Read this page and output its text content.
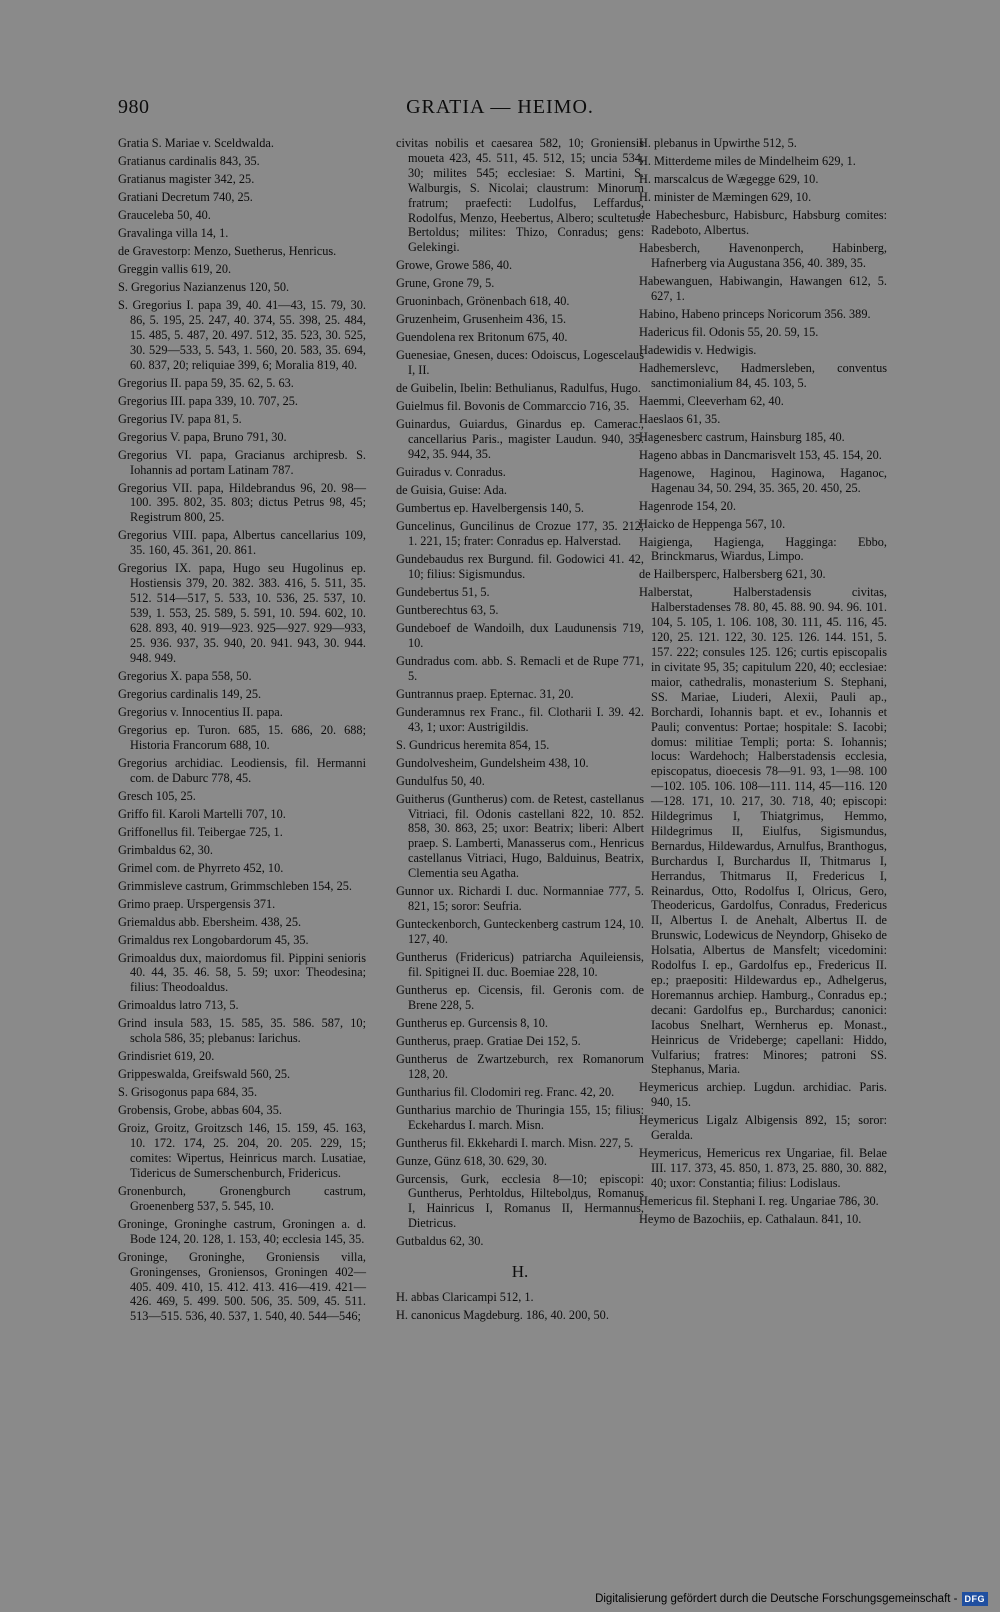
980	GRATIA — HEIMO.
Gratia S. Mariae v. Sceldwalda.
Gratianus cardinalis 843, 35.
Gratianus magister 342, 25.
Gratiani Decretum 740, 25.
Grauceleba 50, 40.
Gravalinga villa 14, 1.
de Gravestorp: Menzo, Suetherus, Henricus.
Greggin vallis 619, 20.
S. Gregorius Nazianzenus 120, 50.
S. Gregorius I. papa 39, 40. 41—43, 15. 79, 30. 86, 5. 195, 25. 247, 40. 374, 55. 398, 25. 484, 15. 485, 5. 487, 20. 497. 512, 35. 523, 30. 525, 30. 529—533, 5. 543, 1. 560, 20. 583, 35. 694, 60. 837, 20; reliquiae 399, 6; Moralia 819, 40.
Gregorius II. papa 59, 35. 62, 5. 63.
Gregorius III. papa 339, 10. 707, 25.
Gregorius IV. papa 81, 5.
Gregorius V. papa, Bruno 791, 30.
Gregorius VI. papa, Gracianus archipresb. S. Iohannis ad portam Latinam 787.
Gregorius VII. papa, Hildebrandus 96, 20. 98—100. 395. 802, 35. 803; dictus Petrus 98, 45; Registrum 800, 25.
Gregorius VIII. papa, Albertus cancellarius 109, 35. 160, 45. 361, 20. 861.
Gregorius IX. papa, Hugo seu Hugolinus ep. Hostiensis 379, 20. 382. 383. 416, 5. 511, 35. 512. 514—517, 5. 533, 10. 536, 25. 537, 10. 539, 1. 553, 25. 589, 5. 591, 10. 594. 602, 10. 628. 893, 40. 919—923. 925—927. 929—933, 25. 936. 937, 35. 940, 20. 941. 943, 30. 944. 948. 949.
Gregorius X. papa 558, 50.
Gregorius cardinalis 149, 25.
Gregorius v. Innocentius II. papa.
Gregorius ep. Turon. 685, 15. 686, 20. 688; Historia Francorum 688, 10.
Gregorius archidiac. Leodiensis, fil. Hermanni com. de Daburc 778, 45.
Gresch 105, 25.
Griffo fil. Karoli Martelli 707, 10.
Griffonellus fil. Teibergae 725, 1.
Grimbaldus 62, 30.
Grimel com. de Phyrreto 452, 10.
Grimmisleve castrum, Grimmschleben 154, 25.
Grimo praep. Urspergensis 371.
Griemaldus abb. Ebersheim. 438, 25.
Grimaldus rex Longobardorum 45, 35.
Grimoaldus dux, maiordomus fil. Pippini senioris 40. 44, 35. 46. 58, 5. 59; uxor: Theodesina; filius: Theodoaldus.
Grimoaldus latro 713, 5.
Grind insula 583, 15. 585, 35. 586. 587, 10; schola 586, 35; plebanus: Iarichus.
Grindisriet 619, 20.
Grippeswalda, Greifswald 560, 25.
S. Grisogonus papa 684, 35.
Grobensis, Grobe, abbas 604, 35.
Groiz, Groitz, Groitzsch 146, 15. 159, 45. 163, 10. 172. 174, 25. 204, 20. 205. 229, 15; comites: Wipertus, Heinricus march. Lusatiae, Tidericus de Sumerschenburch, Fridericus.
Gronenburch, Gronengburch castrum, Groenenberg 537, 5. 545, 10.
Groninge, Groninghe castrum, Groningen a. d. Bode 124, 20. 128, 1. 153, 40; ecclesia 145, 35.
Groninge, Groninghe, Groniensis villa, Groningenses, Groniensos, Groningen 402—405. 409. 410, 15. 412. 413. 416—419. 421—426. 469, 5. 499. 500. 506, 35. 509, 45. 511. 513—515. 536, 40. 537, 1. 540, 40. 544—546;
civitas nobilis et caesarea 582, 10; Groniensis moueta 423, 45. 511, 45. 512, 15; uncia 534, 30; milites 545; ecclesiae: S. Martini, S. Walburgis, S. Nicolai; claustrum: Minorum fratrum; praefecti: Ludolfus, Leffardus, Rodolfus, Menzo, Heebertus, Albero; scultetus: Bertoldus; milites: Thizo, Conradus; gens: Gelekingi.
Growe, Growe 586, 40.
Grune, Grone 79, 5.
Gruoninbach, Grönenbach 618, 40.
Gruzenheim, Grusenheim 436, 15.
Guendolena rex Britonum 675, 40.
Guenesiae, Gnesen, duces: Odoiscus, Logescelaus I, II.
de Guibelin, Ibelin: Bethulianus, Radulfus, Hugo.
Guielmus fil. Bovonis de Commarccio 716, 35.
Guinardus, Guiardus, Ginardus ep. Camerac., cancellarius Paris., magister Laudun. 940, 35. 942, 35. 944, 35.
Guiradus v. Conradus.
de Guisia, Guise: Ada.
Gumbertus ep. Havelbergensis 140, 5.
Guncelinus, Guncilinus de Crozue 177, 35. 212, 1. 221, 15; frater: Conradus ep. Halverstad.
Gundebaudus rex Burgund. fil. Godowici 41. 42, 10; filius: Sigismundus.
Gundebertus 51, 5.
Guntberechtus 63, 5.
Gundeboef de Wandoilh, dux Laudunensis 719, 10.
Gundradus com. abb. S. Remacli et de Rupe 771, 5.
Guntrannus praep. Epternac. 31, 20.
Gunderamnus rex Franc., fil. Clotharii I. 39. 42. 43, 1; uxor: Austrigildis.
S. Gundricus heremita 854, 15.
Gundolvesheim, Gundelsheim 438, 10.
Gundulfus 50, 40.
Guitherus (Guntherus) com. de Retest, castellanus Vitriaci, fil. Odonis castellani 822, 10. 852. 858, 30. 863, 25; uxor: Beatrix; liberi: Albert praep. S. Lamberti, Manasserus com., Henricus castellanus Vitriaci, Hugo, Balduinus, Beatrix, Clementia seu Agatha.
Gunnor ux. Richardi I. duc. Normanniae 777, 5. 821, 15; soror: Seufria.
Gunteckenborch, Gunteckenberg castrum 124, 10. 127, 40.
Guntherus (Fridericus) patriarcha Aquileiensis, fil. Spitignei II. duc. Boemiae 228, 10.
Guntherus ep. Cicensis, fil. Geronis com. de Brene 228, 5.
Guntherus ep. Gurcensis 8, 10.
Guntherus, praep. Gratiae Dei 152, 5.
Guntherus de Zwartzeburch, rex Romanorum 128, 20.
Guntharius fil. Clodomiri reg. Franc. 42, 20.
Guntharius marchio de Thuringia 155, 15; filius: Eckehardus I. march. Misn.
Guntherus fil. Ekkehardi I. march. Misn. 227, 5.
Gunze, Günz 618, 30. 629, 30.
Gurcensis, Gurk, ecclesia 8—10; episcopi: Guntherus, Perhtoldus, Hiltebolдus, Romanus I, Hainricus I, Romanus II, Hermannus, Dietricus.
Gutbaldus 62, 30.
H.
H. abbas Claricampi 512, 1.
H. canonicus Magdeburg. 186, 40. 200, 50.
H. plebanus in Upwirthe 512, 5.
H. Mitterdeme miles de Mindelheim 629, 1.
H. marscalcus de Wægegge 629, 10.
H. minister de Mæmingen 629, 10.
de Habechesburc, Habisburc, Habsburg comites: Radeboto, Albertus.
Habesberch, Havenonperch, Habinberg, Hafnerberg via Augustana 356, 40. 389, 35.
Habewanguen, Habiwangin, Hawangen 612, 5. 627, 1.
Habino, Habeno princeps Noricorum 356. 389.
Hadericus fil. Odonis 55, 20. 59, 15.
Hadewidis v. Hedwigis.
Hadhemerslevc, Hadmersleben, conventus sanctimonialium 84, 45. 103, 5.
Haemmi, Cleeverham 62, 40.
Haeslaos 61, 35.
Hagenesberc castrum, Hainsburg 185, 40.
Hageno abbas in Dancmarisvelt 153, 45. 154, 20.
Hagenowe, Haginou, Haginowa, Haganoc, Hagenau 34, 50. 294, 35. 365, 20. 450, 25.
Hagenrode 154, 20.
Haicko de Heppenga 567, 10.
Haigienga, Hagienga, Hagginga: Ebbo, Brinckmarus, Wiardus, Limpo.
de Hailbersperc, Halbersberg 621, 30.
Halberstat, Halberstadensis civitas, Halberstadenses 78. 80, 45. 88. 90. 94. 96. 101. 104, 5. 105, 1. 106. 108, 30. 111, 45. 116, 45. 120, 25. 121. 122, 30. 125. 126. 144. 151, 5. 157. 222; consules 125. 126; curtis episcopalis in civitate 95, 35; capitulum 220, 40; ecclesiae: maior, cathedralis, monasterium S. Stephani, SS. Mariae, Liuderi, Alexii, Pauli ap., Borchardi, Iohannis bapt. et ev., Iohannis et Pauli; conventus: Portae; hospitale: S. Iacobi; domus: militiae Templi; porta: S. Iohannis; locus: Wardehoch; Halberstadensis ecclesia, episcopatus, dioecesis 78—91. 93, 1—98. 100—102. 105. 106. 108—111. 114, 45—116. 120—128. 171, 10. 217, 30. 718, 40; episcopi: Hildegrimus I, Thiatgrimus, Hemmo, Hildegrimus II, Eiulfus, Sigismundus, Bernardus, Hildewardus, Arnulfus, Branthogus, Burchardus I, Burchardus II, Thitmarus I, Herrandus, Thitmarus II, Fredericus I, Reinardus, Otto, Rodolfus I, Olricus, Gero, Theodericus, Gardolfus, Conradus, Fredericus II, Albertus I. de Anehalt, Albertus II. de Brunswic, Lodewicus de Neyndorp, Ghiseko de Holsatia, Albertus de Mansfelt; vicedomini: Rodolfus I. ep., Gardolfus ep., Fredericus II. ep.; praepositi: Hildewardus ep., Adhelgerus, Horemannus archiep. Hamburg., Conradus ep.; decani: Gardolfus ep., Burchardus; canonici: Iacobus Snelhart, Wernherus ep. Monast., Heinricus de Vrideberge; capellani: Hiddo, Vulfarius; fratres: Minores; patroni SS. Stephanus, Maria.
Heymericus archiep. Lugdun. archidiac. Paris. 940, 15.
Heymericus Ligalz Albigensis 892, 15; soror: Geralda.
Heymericus, Hemericus rex Ungariae, fil. Belae III. 117. 373, 45. 850, 1. 873, 25. 880, 30. 882, 40; uxor: Constantia; filius: Lodislaus.
Hemericus fil. Stephani I. reg. Ungariae 786, 30.
Heymo de Bazochiis, ep. Cathalaun. 841, 10.
Digitalisierung gefördert durch die Deutsche Forschungsgemeinschaft - DFG
